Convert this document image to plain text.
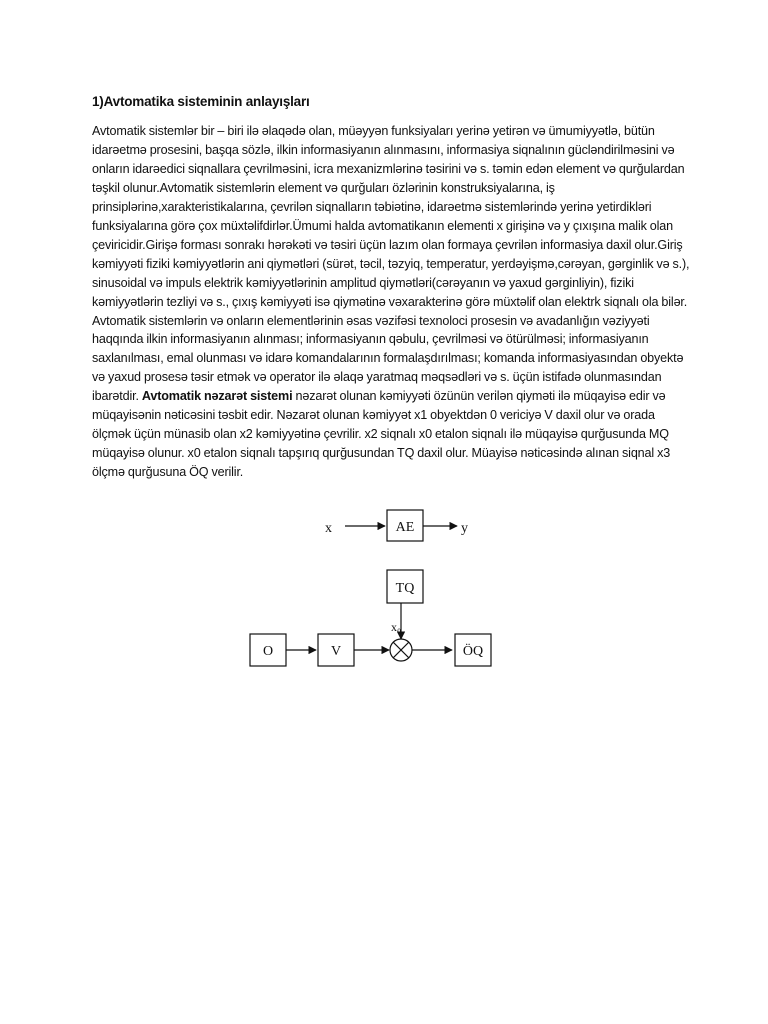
1)Avtomatika sisteminin anlayışları
Avtomatik sistemlər bir – biri ilə əlaqədə olan, müəyyən funksiyaları yerinə yetirən və ümumiyyətlə, bütün idarəetmə prosesini, başqa sözlə, ilkin informasiyanın alınmasını, informasiya siqnalının gücləndirilməsini və onların idarəedici siqnallara çevrilməsini, icra mexanizmlərinə təsirini və s. təmin edən element və qurğulardan təşkil olunur.Avtomatik sistemlərin element və qurğuları özlərinin konstruksiyalarına, iş prinsiplərinə,xarakteristikalarına, çevrilən siqnalların təbiətinə, idarəetmə sistemlərində yerinə yetirdikləri funksiyalarına görə çox müxtəlifdirlər.Ümumi halda avtomatikanın elementi x girişinə və y çıxışına malik olan çeviricidir.Girişə forması sonrakı hərəkəti və təsiri üçün lazım olan formaya çevrilən informasiya daxil olur.Giriş kəmiyyəti fiziki kəmiyyətlərin ani qiymətləri (sürət, təcil, təzyiq, temperatur, yerdəyişmə,cərəyan, gərginlik və s.), sinusoidal və impuls elektrik kəmiyyətlərinin amplitud qiymətləri(cərəyanın və yaxud gərginliyin), fiziki kəmiyyətlərin tezliyi və s., çıxış kəmiyyəti isə qiymətinə vəxarakterinə görə müxtəlif olan elektrk siqnalı ola bilər. Avtomatik sistemlərin və onların elementlərinin əsas vəzifəsi texnoloci prosesin və avadanlığın vəziyyəti haqqında ilkin informasiyanın alınması; informasiyanın qəbulu, çevrilməsi və ötürülməsi; informasiyanın saxlanılması, emal olunması və idarə komandalarının formalaşdırılması; komanda informasiyasından obyektə və yaxud prosesə təsir etmək və operator ilə əlaqə yaratmaq məqsədləri və s. üçün istifadə olunmasından ibarətdir. Avtomatik nəzarət sistemi nəzarət olunan kəmiyyəti özünün verilən qiyməti ilə müqayisə edir və müqayisənin nəticəsini təsbit edir. Nəzarət olunan kəmiyyət x1 obyektdən 0 vericiyə V daxil olur və orada ölçmək üçün münasib olan x2 kəmiyyətinə çevrilir. x2 siqnalı x0 etalon siqnalı ilə müqayisə qurğusunda MQ müqayisə olunur. x0 etalon siqnalı tapşırıq qurğusundan TQ daxil olur. Müayisə nəticəsində alınan siqnal x3 ölçmə qurğusuna ÖQ verilir.
x	AE	y
TQ
x₀
O	V	ÖQ
